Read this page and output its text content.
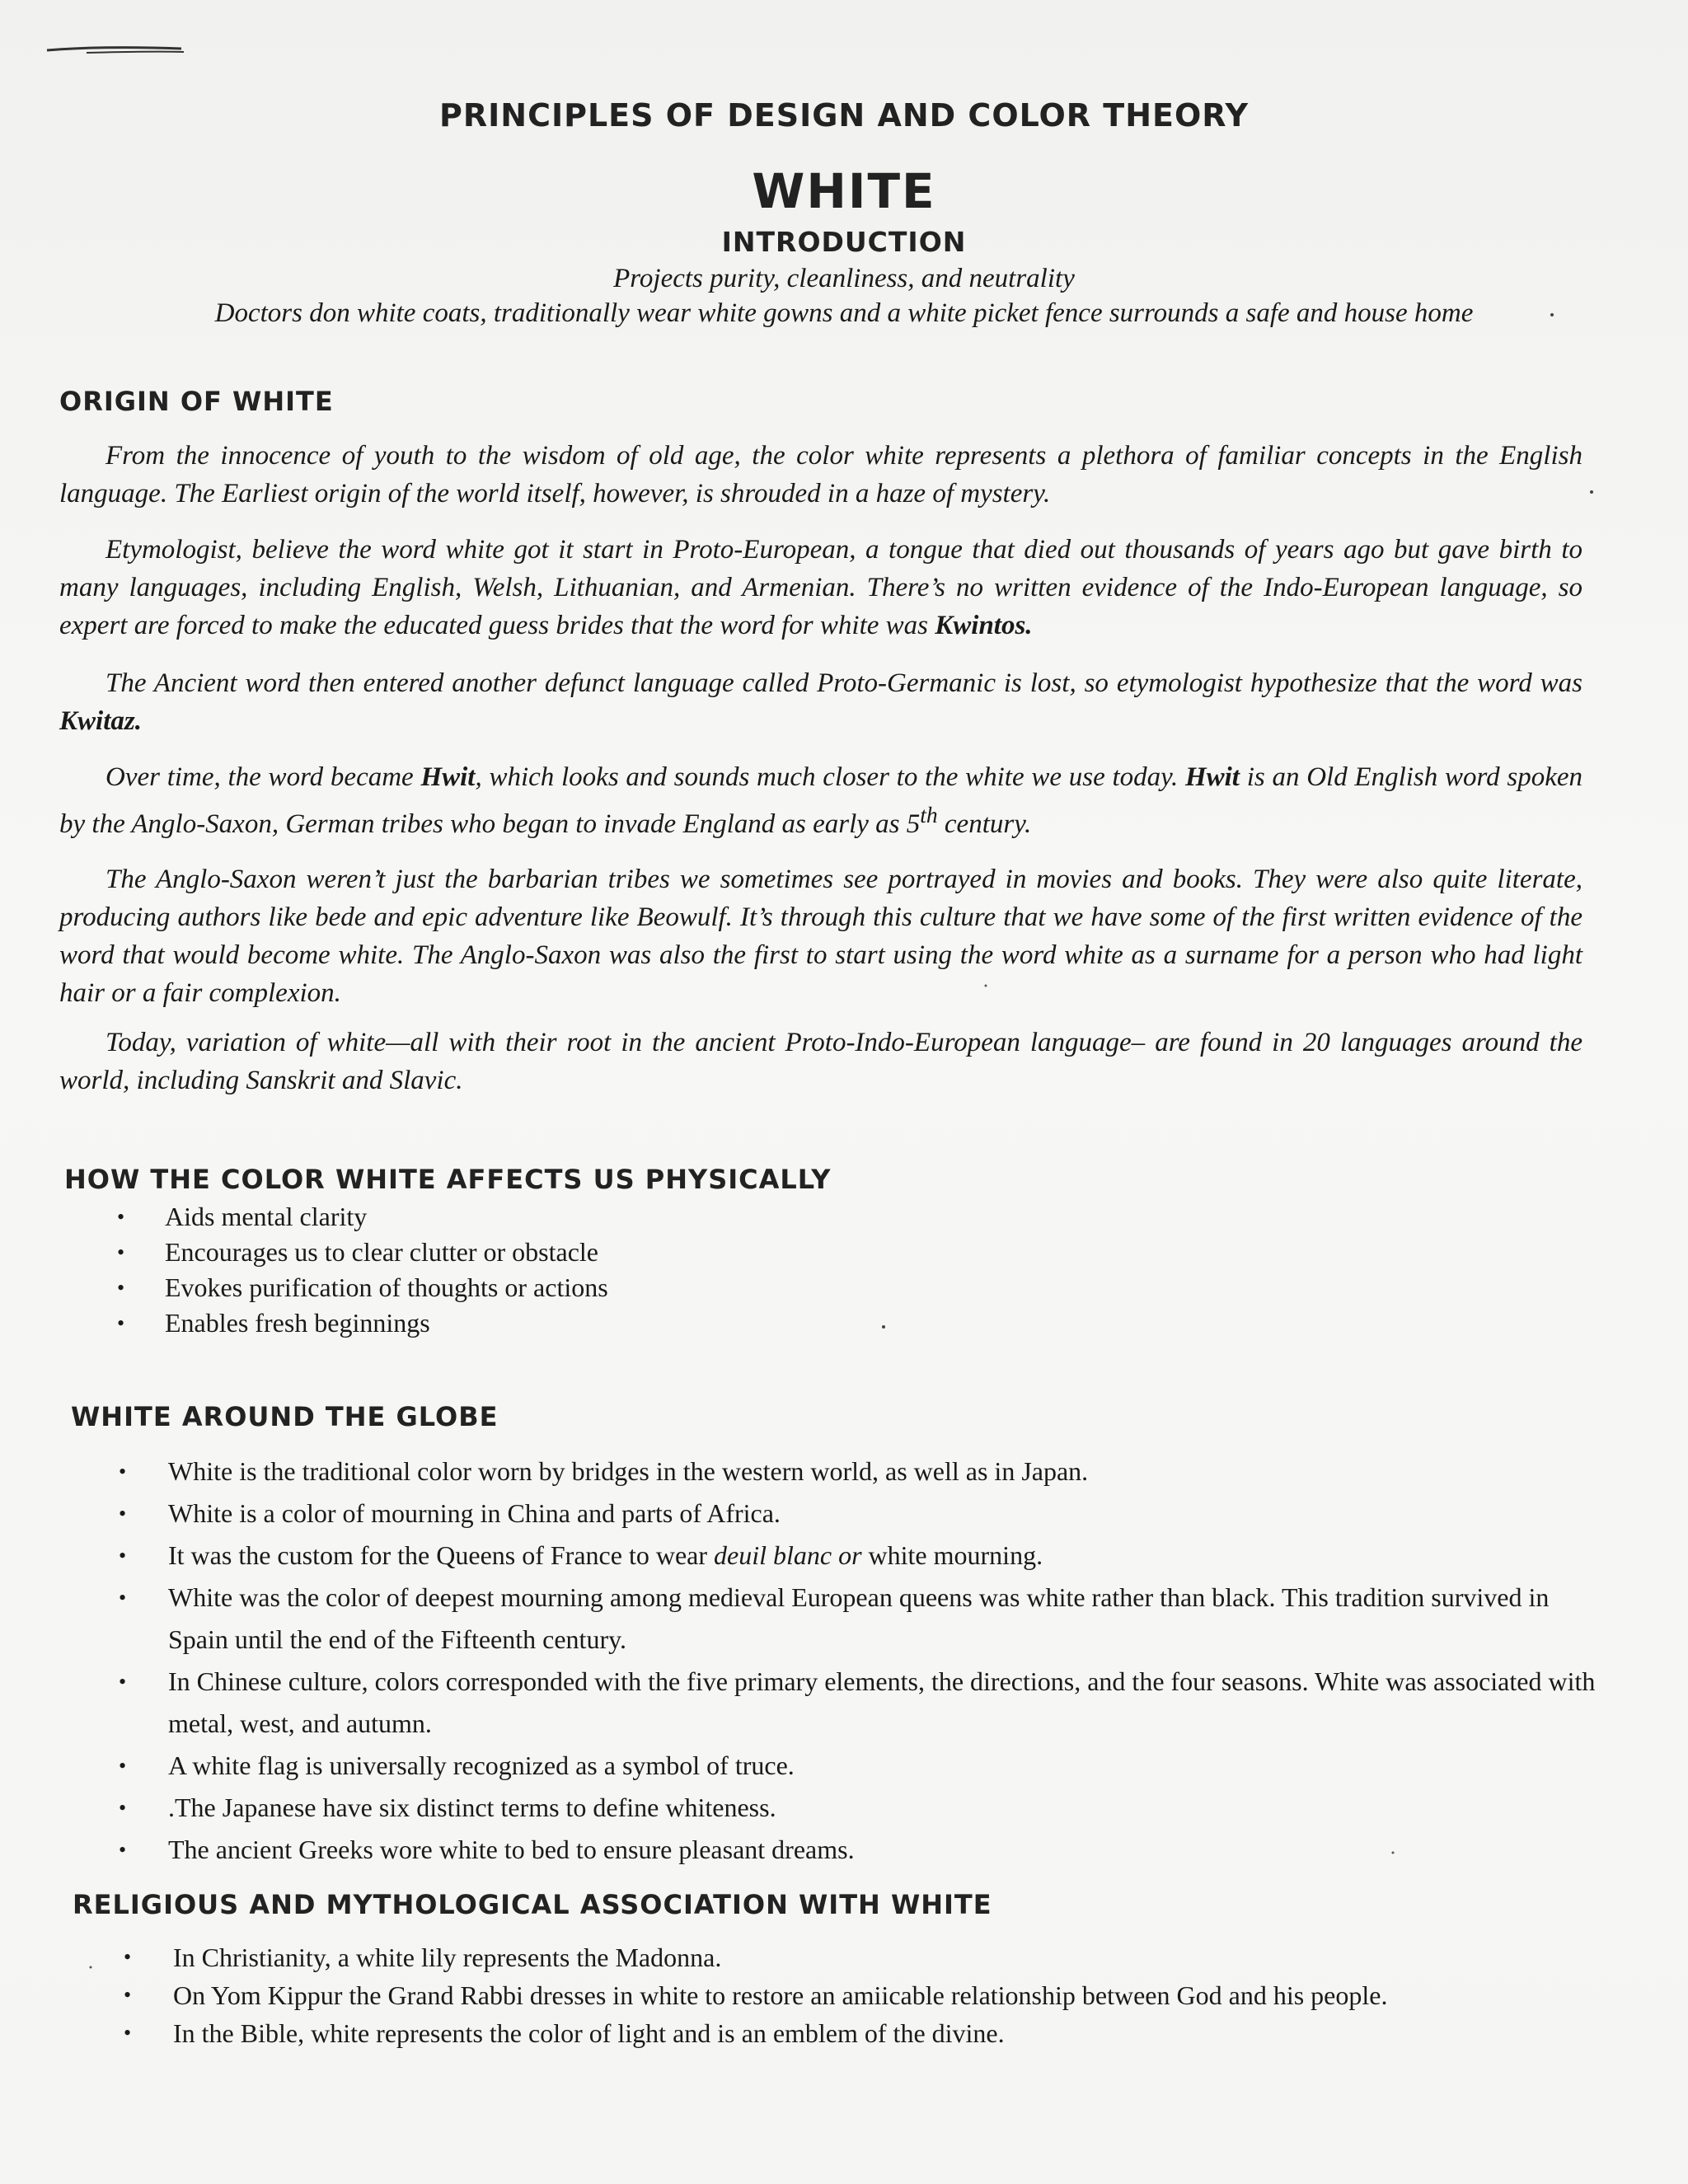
PRINCIPLES OF DESIGN AND COLOR THEORY
WHITE
INTRODUCTION
Projects purity, cleanliness, and neutrality
Doctors don white coats, traditionally wear white gowns and a white picket fence surrounds a safe and house home
ORIGIN OF WHITE

From the innocence of youth to the wisdom of old age, the color white represents a plethora of familiar concepts in the English language. The Earliest origin of the world itself, however, is shrouded in a haze of mystery.

Etymologist, believe the word white got it start in Proto-European, a tongue that died out thousands of years ago but gave birth to many languages, including English, Welsh, Lithuanian, and Armenian. There’s no written evidence of the Indo-European language, so expert are forced to make the educated guess brides that the word for white was Kwintos.

The Ancient word then entered another defunct language called Proto-Germanic is lost, so etymologist hypothesize that the word was Kwitaz.

Over time, the word became Hwit, which looks and sounds much closer to the white we use today. Hwit is an Old English word spoken by the Anglo-Saxon, German tribes who began to invade England as early as 5th century.

The Anglo-Saxon weren’t just the barbarian tribes we sometimes see portrayed in movies and books. They were also quite literate, producing authors like bede and epic adventure like Beowulf. It’s through this culture that we have some of the first written evidence of the word that would become white. The Anglo-Saxon was also the first to start using the word white as a surname for a person who had light hair or a fair complexion.

Today, variation of white—all with their root in the ancient Proto-Indo-European language– are found in 20 languages around the world, including Sanskrit and Slavic.

HOW THE COLOR WHITE AFFECTS US PHYSICALLY
• Aids mental clarity
• Encourages us to clear clutter or obstacle
• Evokes purification of thoughts or actions
• Enables fresh beginnings
WHITE AROUND THE GLOBE
• White is the traditional color worn by bridges in the western world, as well as in Japan.
• White is a color of mourning in China and parts of Africa.
• It was the custom for the Queens of France to wear deuil blanc or white mourning.
• White was the color of deepest mourning among medieval European queens was white rather than black. This tradition survived in Spain until the end of the Fifteenth century.
• In Chinese culture, colors corresponded with the five primary elements, the directions, and the four seasons. White was associated with metal, west, and autumn.
• A white flag is universally recognized as a symbol of truce.
• .The Japanese have six distinct terms to define whiteness.
• The ancient Greeks wore white to bed to ensure pleasant dreams.
RELIGIOUS AND MYTHOLOGICAL ASSOCIATION WITH WHITE
• In Christianity, a white lily represents the Madonna.
• On Yom Kippur the Grand Rabbi dresses in white to restore an amiicable relationship between God and his people.
• In the Bible, white represents the color of light and is an emblem of the divine.
